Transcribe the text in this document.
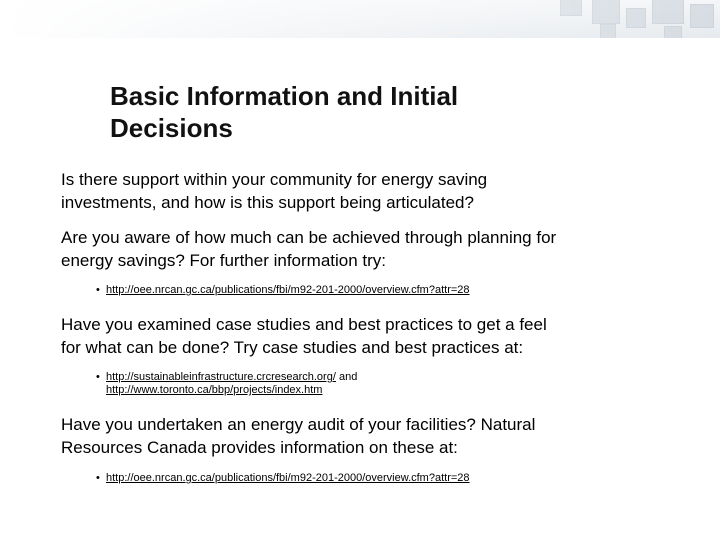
Basic Information and Initial
Decisions
Is there support within your community for energy saving
investments, and how is this support being articulated?
Are you aware of how much can be achieved through planning for
energy savings? For further information try:
• http://oee.nrcan.gc.ca/publications/fbi/m92-201-2000/overview.cfm?attr=28
Have you examined case studies and best practices to get a feel
for what can be done? Try case studies and best practices at:
• http://sustainableinfrastructure.crcresearch.org/ and
http://www.toronto.ca/bbp/projects/index.htm
Have you undertaken an energy audit of your facilities? Natural
Resources Canada provides information on these at:
• http://oee.nrcan.gc.ca/publications/fbi/m92-201-2000/overview.cfm?attr=28
